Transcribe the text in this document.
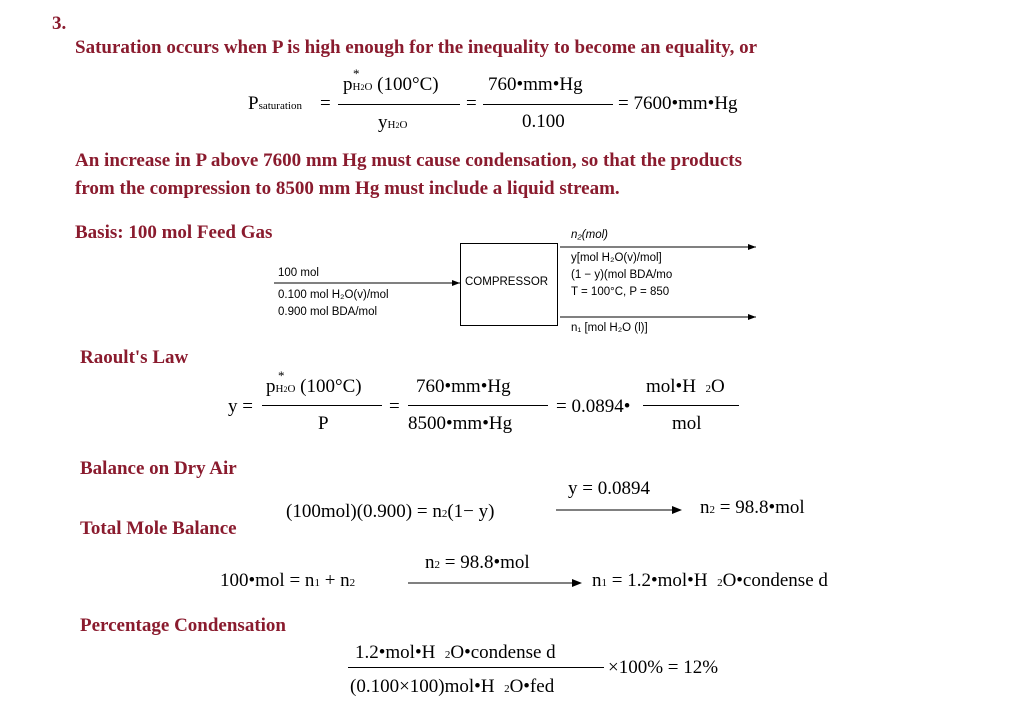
3.
Saturation occurs when P is high enough for the inequality to become an equality, or
Psaturation =
*
pH2O (100°C)
yH2O
=
760•mm•Hg
0.100
= 7600•mm•Hg
An increase in P above 7600 mm Hg must cause condensation, so that the products
from the compression to 8500 mm Hg must include a liquid stream.
Basis: 100 mol Feed Gas
100 mol
0.100 mol H₂O(v)/mol
0.900 mol BDA/mol
COMPRESSOR
n₂(mol)
y[mol H₂O(v)/mol]
(1 − y)(mol BDA/mo
T = 100°C, P = 850
n₁ [mol H₂O (l)]
Raoult's Law
y =
*
pH2O (100°C)
P
=
760•mm•Hg
8500•mm•Hg
= 0.0894•
mol•H 2O
mol
Balance on Dry Air
(100mol)(0.900) = n2(1− y)
y = 0.0894
n2 = 98.8•mol
Total Mole Balance
100•mol = n1 + n2
n2 = 98.8•mol
n1 = 1.2•mol•H 2O•condense d
Percentage Condensation
1.2•mol•H 2O•condense d
(0.100×100)mol•H 2O•fed
×100% = 12%
